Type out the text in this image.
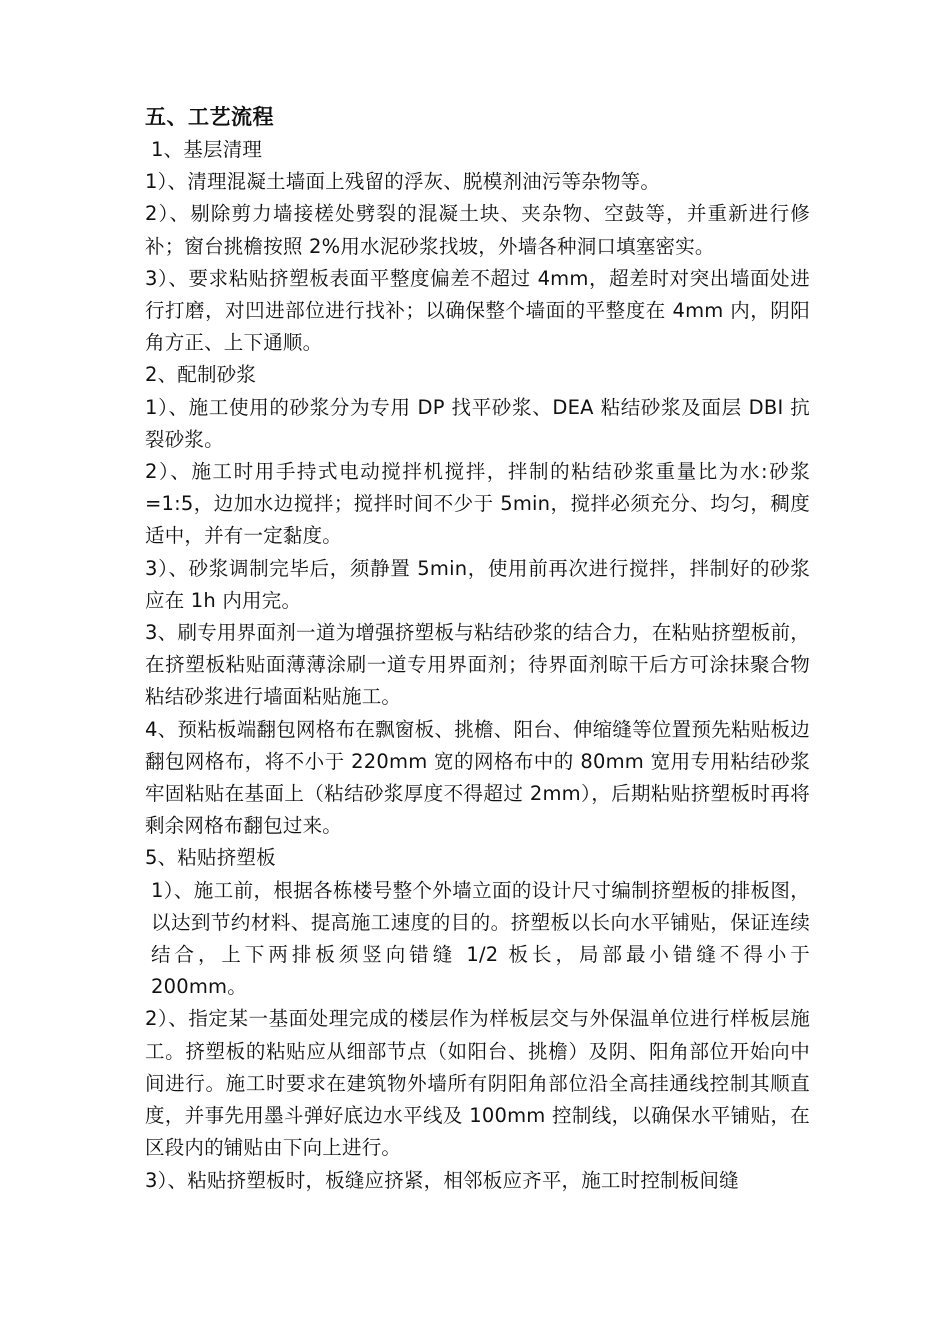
五、工艺流程

1、基层清理

1）、清理混凝土墙面上残留的浮灰、脱模剂油污等杂物等。

2）、剔除剪力墙接槎处劈裂的混凝土块、夹杂物、空鼓等，并重新进行修补；窗台挑檐按照 2%用水泥砂浆找坡，外墙各种洞口填塞密实。

3）、要求粘贴挤塑板表面平整度偏差不超过 4mm，超差时对突出墙面处进行打磨，对凹进部位进行找补；以确保整个墙面的平整度在 4mm 内，阴阳角方正、上下通顺。

2、配制砂浆

1）、施工使用的砂浆分为专用 DP 找平砂浆、DEA 粘结砂浆及面层 DBI 抗裂砂浆。

2）、施工时用手持式电动搅拌机搅拌，拌制的粘结砂浆重量比为水:砂浆=1:5，边加水边搅拌；搅拌时间不少于 5min，搅拌必须充分、均匀，稠度适中，并有一定黏度。

3）、砂浆调制完毕后，须静置 5min，使用前再次进行搅拌，拌制好的砂浆应在 1h 内用完。

3、刷专用界面剂一道为增强挤塑板与粘结砂浆的结合力，在粘贴挤塑板前，在挤塑板粘贴面薄薄涂刷一道专用界面剂；待界面剂晾干后方可涂抹聚合物粘结砂浆进行墙面粘贴施工。

4、预粘板端翻包网格布在飘窗板、挑檐、阳台、伸缩缝等位置预先粘贴板边翻包网格布，将不小于 220mm 宽的网格布中的 80mm 宽用专用粘结砂浆牢固粘贴在基面上（粘结砂浆厚度不得超过 2mm），后期粘贴挤塑板时再将剩余网格布翻包过来。

5、粘贴挤塑板

1）、施工前，根据各栋楼号整个外墙立面的设计尺寸编制挤塑板的排板图，以达到节约材料、提高施工速度的目的。挤塑板以长向水平铺贴，保证连续结合，上下两排板须竖向错缝 1/2 板长，局部最小错缝不得小于 200mm。

2）、指定某一基面处理完成的楼层作为样板层交与外保温单位进行样板层施工。挤塑板的粘贴应从细部节点（如阳台、挑檐）及阴、阳角部位开始向中间进行。施工时要求在建筑物外墙所有阴阳角部位沿全高挂通线控制其顺直度，并事先用墨斗弹好底边水平线及 100mm 控制线，以确保水平铺贴，在区段内的铺贴由下向上进行。

3）、粘贴挤塑板时，板缝应挤紧，相邻板应齐平，施工时控制板间缝
